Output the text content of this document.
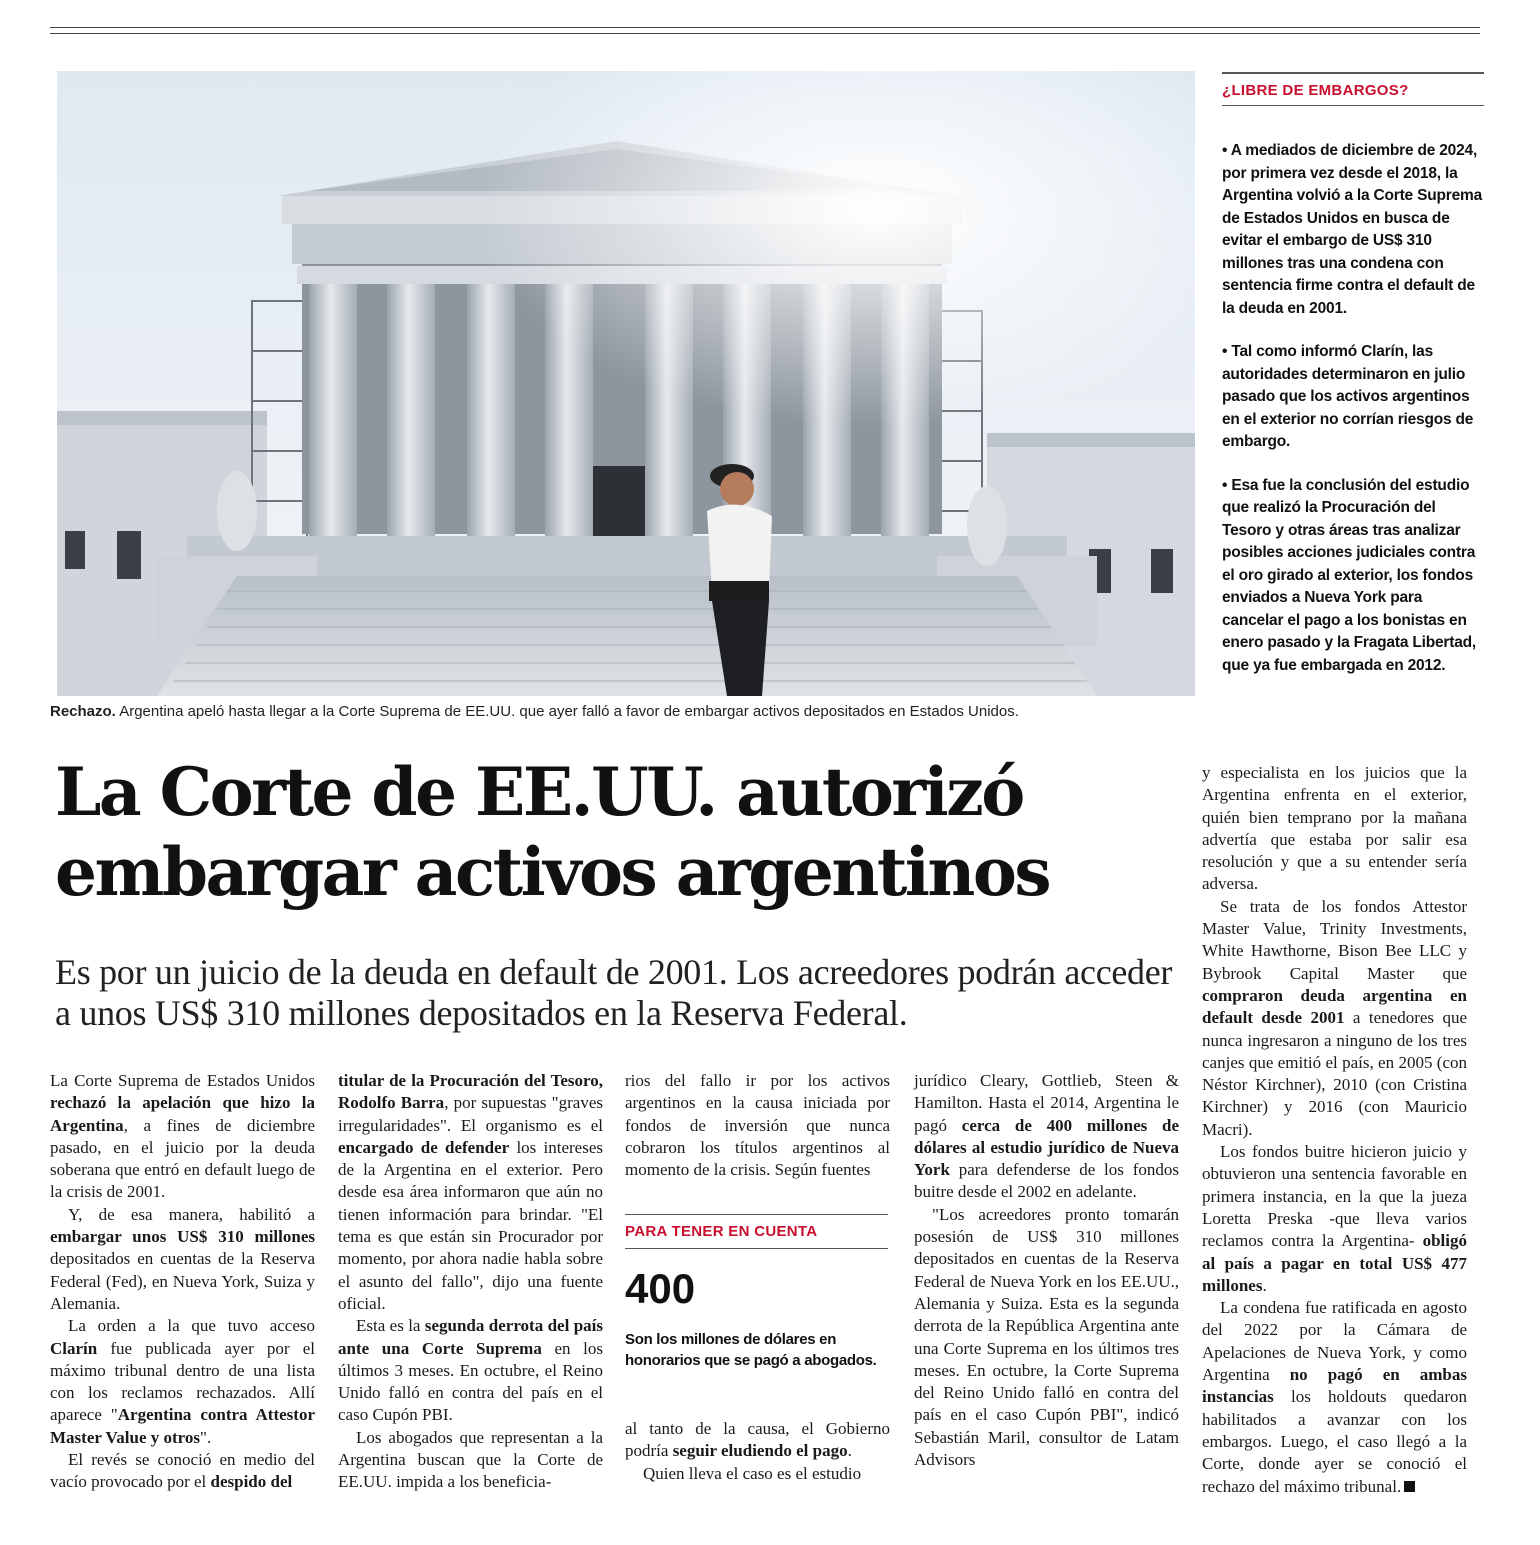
Rechazo. Argentina apeló hasta llegar a la Corte Suprema de EE.UU. que ayer falló a favor de embargar activos depositados en Estados Unidos.
¿LIBRE DE EMBARGOS?

• A mediados de diciembre de 2024, por primera vez desde el 2018, la Argentina volvió a la Corte Suprema de Estados Unidos en busca de evitar el embargo de US$ 310 millones tras una condena con sentencia firme contra el default de la deuda en 2001.

• Tal como informó Clarín, las autoridades determinaron en julio pasado que los activos argentinos en el exterior no corrían riesgos de embargo.

• Esa fue la conclusión del estudio que realizó la Procuración del Tesoro y otras áreas tras analizar posibles acciones judiciales contra el oro girado al exterior, los fondos enviados a Nueva York para cancelar el pago a los bonistas en enero pasado y la Fragata Libertad, que ya fue embargada en 2012.

La Corte de EE.UU. autorizó
embargar activos argentinos

Es por un juicio de la deuda en default de 2001. Los acreedores podrán acceder a unos US$ 310 millones depositados en la Reserva Federal.

La Corte Suprema de Estados Unidos rechazó la apelación que hizo la Argentina, a fines de diciembre pasado, en el juicio por la deuda soberana que entró en default luego de la crisis de 2001.

Y, de esa manera, habilitó a embargar unos US$ 310 millones depositados en cuentas de la Reserva Federal (Fed), en Nueva York, Suiza y Alemania.

La orden a la que tuvo acceso Clarín fue publicada ayer por el máximo tribunal dentro de una lista con los reclamos rechazados. Allí aparece "Argentina contra Attestor Master Value y otros".

El revés se conoció en medio del vacío provocado por el despido del

titular de la Procuración del Tesoro, Rodolfo Barra, por supuestas "graves irregularidades". El organismo es el encargado de defender los intereses de la Argentina en el exterior. Pero desde esa área informaron que aún no tienen información para brindar. "El tema es que están sin Procurador por momento, por ahora nadie habla sobre el asunto del fallo", dijo una fuente oficial.

Esta es la segunda derrota del país ante una Corte Suprema en los últimos 3 meses. En octubre, el Reino Unido falló en contra del país en el caso Cupón PBI.

Los abogados que representan a la Argentina buscan que la Corte de EE.UU. impida a los beneficia-

rios del fallo ir por los activos argentinos en la causa iniciada por fondos de inversión que nunca cobraron los títulos argentinos al momento de la crisis. Según fuentes

PARA TENER EN CUENTA
400
Son los millones de dólares en honorarios que se pagó a abogados.

al tanto de la causa, el Gobierno podría seguir eludiendo el pago.

Quien lleva el caso es el estudio

jurídico Cleary, Gottlieb, Steen & Hamilton. Hasta el 2014, Argentina le pagó cerca de 400 millones de dólares al estudio jurídico de Nueva York para defenderse de los fondos buitre desde el 2002 en adelante.

"Los acreedores pronto tomarán posesión de US$ 310 millones depositados en cuentas de la Reserva Federal de Nueva York en los EE.UU., Alemania y Suiza. Esta es la segunda derrota de la República Argentina ante una Corte Suprema en los últimos tres meses. En octubre, la Corte Suprema del Reino Unido falló en contra del país en el caso Cupón PBI", indicó Sebastián Maril, consultor de Latam Advisors

y especialista en los juicios que la Argentina enfrenta en el exterior, quién bien temprano por la mañana advertía que estaba por salir esa resolución y que a su entender sería adversa.

Se trata de los fondos Attestor Master Value, Trinity Investments, White Hawthorne, Bison Bee LLC y Bybrook Capital Master que compraron deuda argentina en default desde 2001 a tenedores que nunca ingresaron a ninguno de los tres canjes que emitió el país, en 2005 (con Néstor Kirchner), 2010 (con Cristina Kirchner) y 2016 (con Mauricio Macri).

Los fondos buitre hicieron juicio y obtuvieron una sentencia favorable en primera instancia, en la que la jueza Loretta Preska -que lleva varios reclamos contra la Argentina- obligó al país a pagar en total US$ 477 millones.

La condena fue ratificada en agosto del 2022 por la Cámara de Apelaciones de Nueva York, y como Argentina no pagó en ambas instancias los holdouts quedaron habilitados a avanzar con los embargos. Luego, el caso llegó a la Corte, donde ayer se conoció el rechazo del máximo tribunal.
